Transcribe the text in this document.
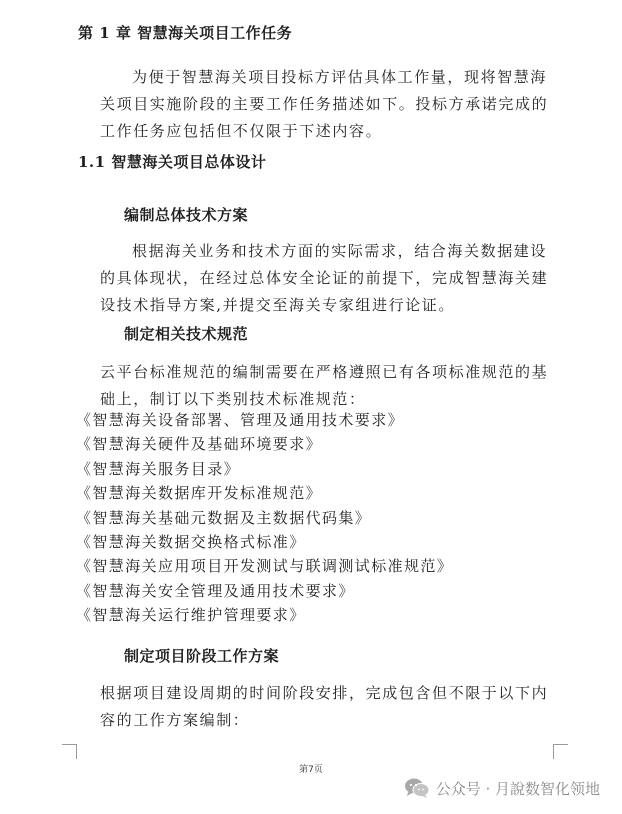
第 1 章 智慧海关项目工作任务

为便于智慧海关项目投标方评估具体工作量，现将智慧海关项目实施阶段的主要工作任务描述如下。投标方承诺完成的工作任务应包括但不仅限于下述内容。

1.1 智慧海关项目总体设计
编制总体技术方案

根据海关业务和技术方面的实际需求，结合海关数据建设的具体现状，在经过总体安全论证的前提下，完成智慧海关建设技术指导方案,并提交至海关专家组进行论证。

制定相关技术规范

云平台标准规范的编制需要在严格遵照已有各项标准规范的基础上，制订以下类别技术标准规范：

《智慧海关设备部署、管理及通用技术要求》
《智慧海关硬件及基础环境要求》
《智慧海关服务目录》
《智慧海关数据库开发标准规范》
《智慧海关基础元数据及主数据代码集》
《智慧海关数据交换格式标准》
《智慧海关应用项目开发测试与联调测试标准规范》
《智慧海关安全管理及通用技术要求》
《智慧海关运行维护管理要求》
制定项目阶段工作方案

根据项目建设周期的时间阶段安排，完成包含但不限于以下内容的工作方案编制：

第7页
公众号 · 月說数智化领地
